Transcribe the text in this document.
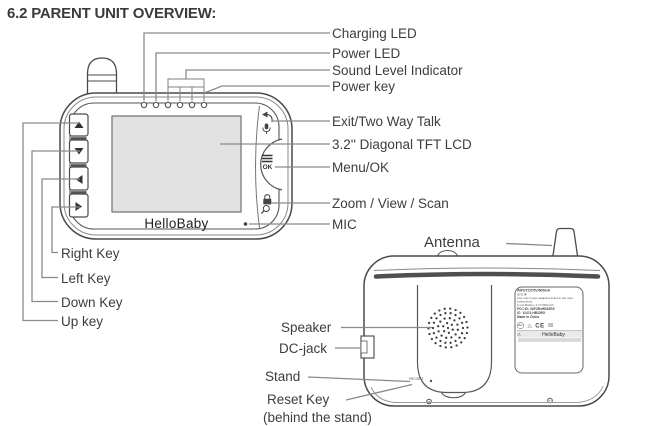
6.2 PARENT UNIT OVERVIEW:
Charging LED
Power LED
Sound Level Indicator
Power key
Exit/Two Way Talk
3.2'' Diagonal TFT LCD
Menu/OK
Zoom / View / Scan
MIC
Right Key
Left Key
Down Key
Up key
Antenna
Speaker
DC-jack
Stand
Reset Key
(behind the stand)
HelloBaby
OK
RESET
INPUT:DC5V/600mA
⊖⊙⊕
Use only power adapters listed in the user instructions.
Li-ion Battery 3.7V,950mAh
FCC ID: 2AF2RxHB32RX
IC: 12474-HB32RX
Made in China
BC △ CE ☒
⚠	HelloBaby
